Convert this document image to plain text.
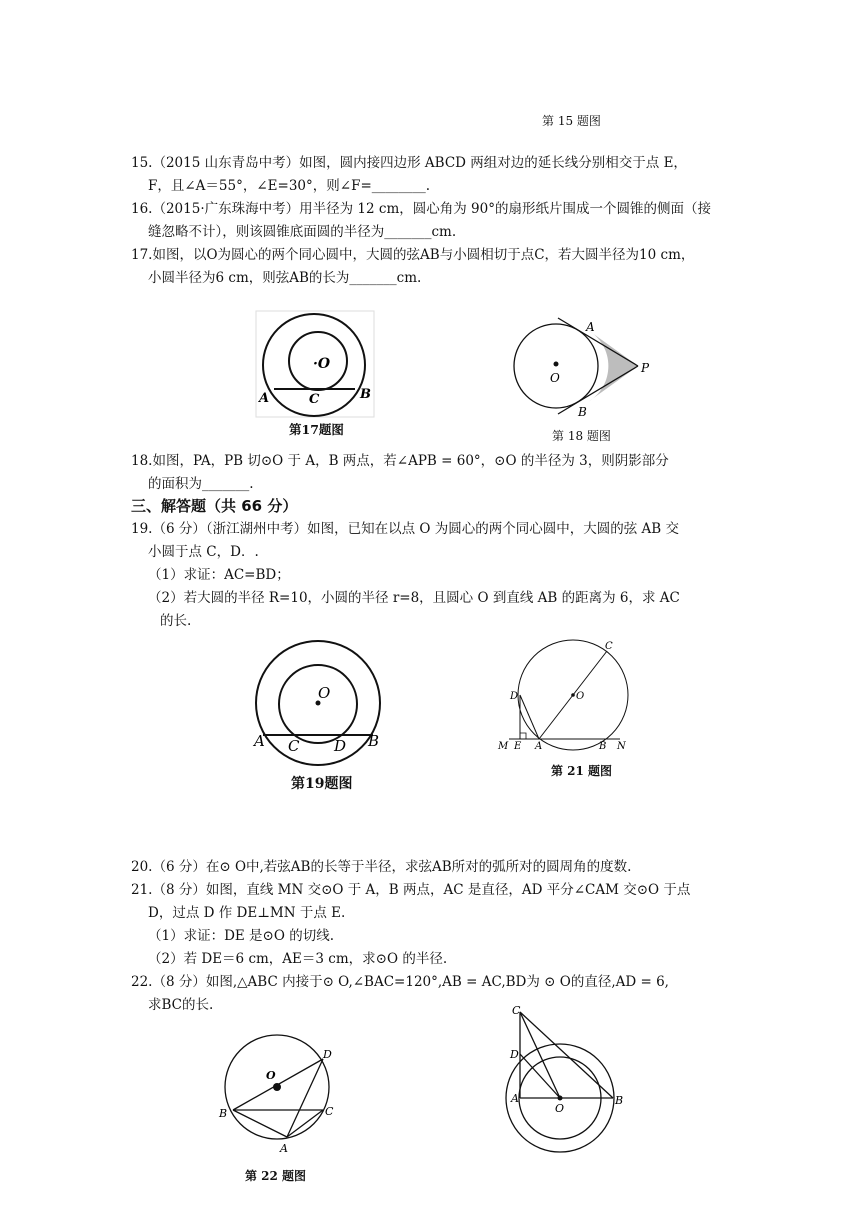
第 15 题图
15.（2015 山东青岛中考）如图，圆内接四边形 ABCD 两组对边的延长线分别相交于点 E，
F，且∠A＝55°，∠E=30°，则∠F=________.
16.（2015·广东珠海中考）用半径为 12 cm，圆心角为 90°的扇形纸片围成一个圆锥的侧面（接
缝忽略不计），则该圆锥底面圆的半径为_______cm.
17.如图，以O为圆心的两个同心圆中，大圆的弦AB与小圆相切于点C，若大圆半径为10 cm，
小圆半径为6 cm，则弦AB的长为_______cm.
·O
A	C	B
第17题图
A
O
P
B
第 18 题图
18.如图，PA，PB 切⊙O 于 A，B 两点，若∠APB = 60°，⊙O 的半径为 3，则阴影部分
的面积为_______.
三、解答题（共 66 分）
19.（6 分）（浙江湖州中考）如图，已知在以点 O 为圆心的两个同心圆中，大圆的弦 AB 交
小圆于点 C，D．.
（1）求证：AC=BD；
（2）若大圆的半径 R=10，小圆的半径 r=8，且圆心 O 到直线 AB 的距离为 6，求 AC
的长.
O
A C D B
第19题图
C
D	O
M E A	B N
第 21 题图
20.（6 分）在⊙ O中,若弦AB的长等于半径，求弦AB所对的弧所对的圆周角的度数.
21.（8 分）如图，直线 MN 交⊙O 于 A，B 两点，AC 是直径，AD 平分∠CAM 交⊙O 于点
D，过点 D 作 DE⊥MN 于点 E.
（1）求证：DE 是⊙O 的切线.
（2）若 DE＝6 cm，AE＝3 cm，求⊙O 的半径.
22.（8 分）如图,△ABC 内接于⊙ O,∠BAC=120°,AB = AC,BD为 ⊙ O的直径,AD = 6,
求BC的长.
O
D
B	C
A
第 22 题图
C
D
A
O
B
